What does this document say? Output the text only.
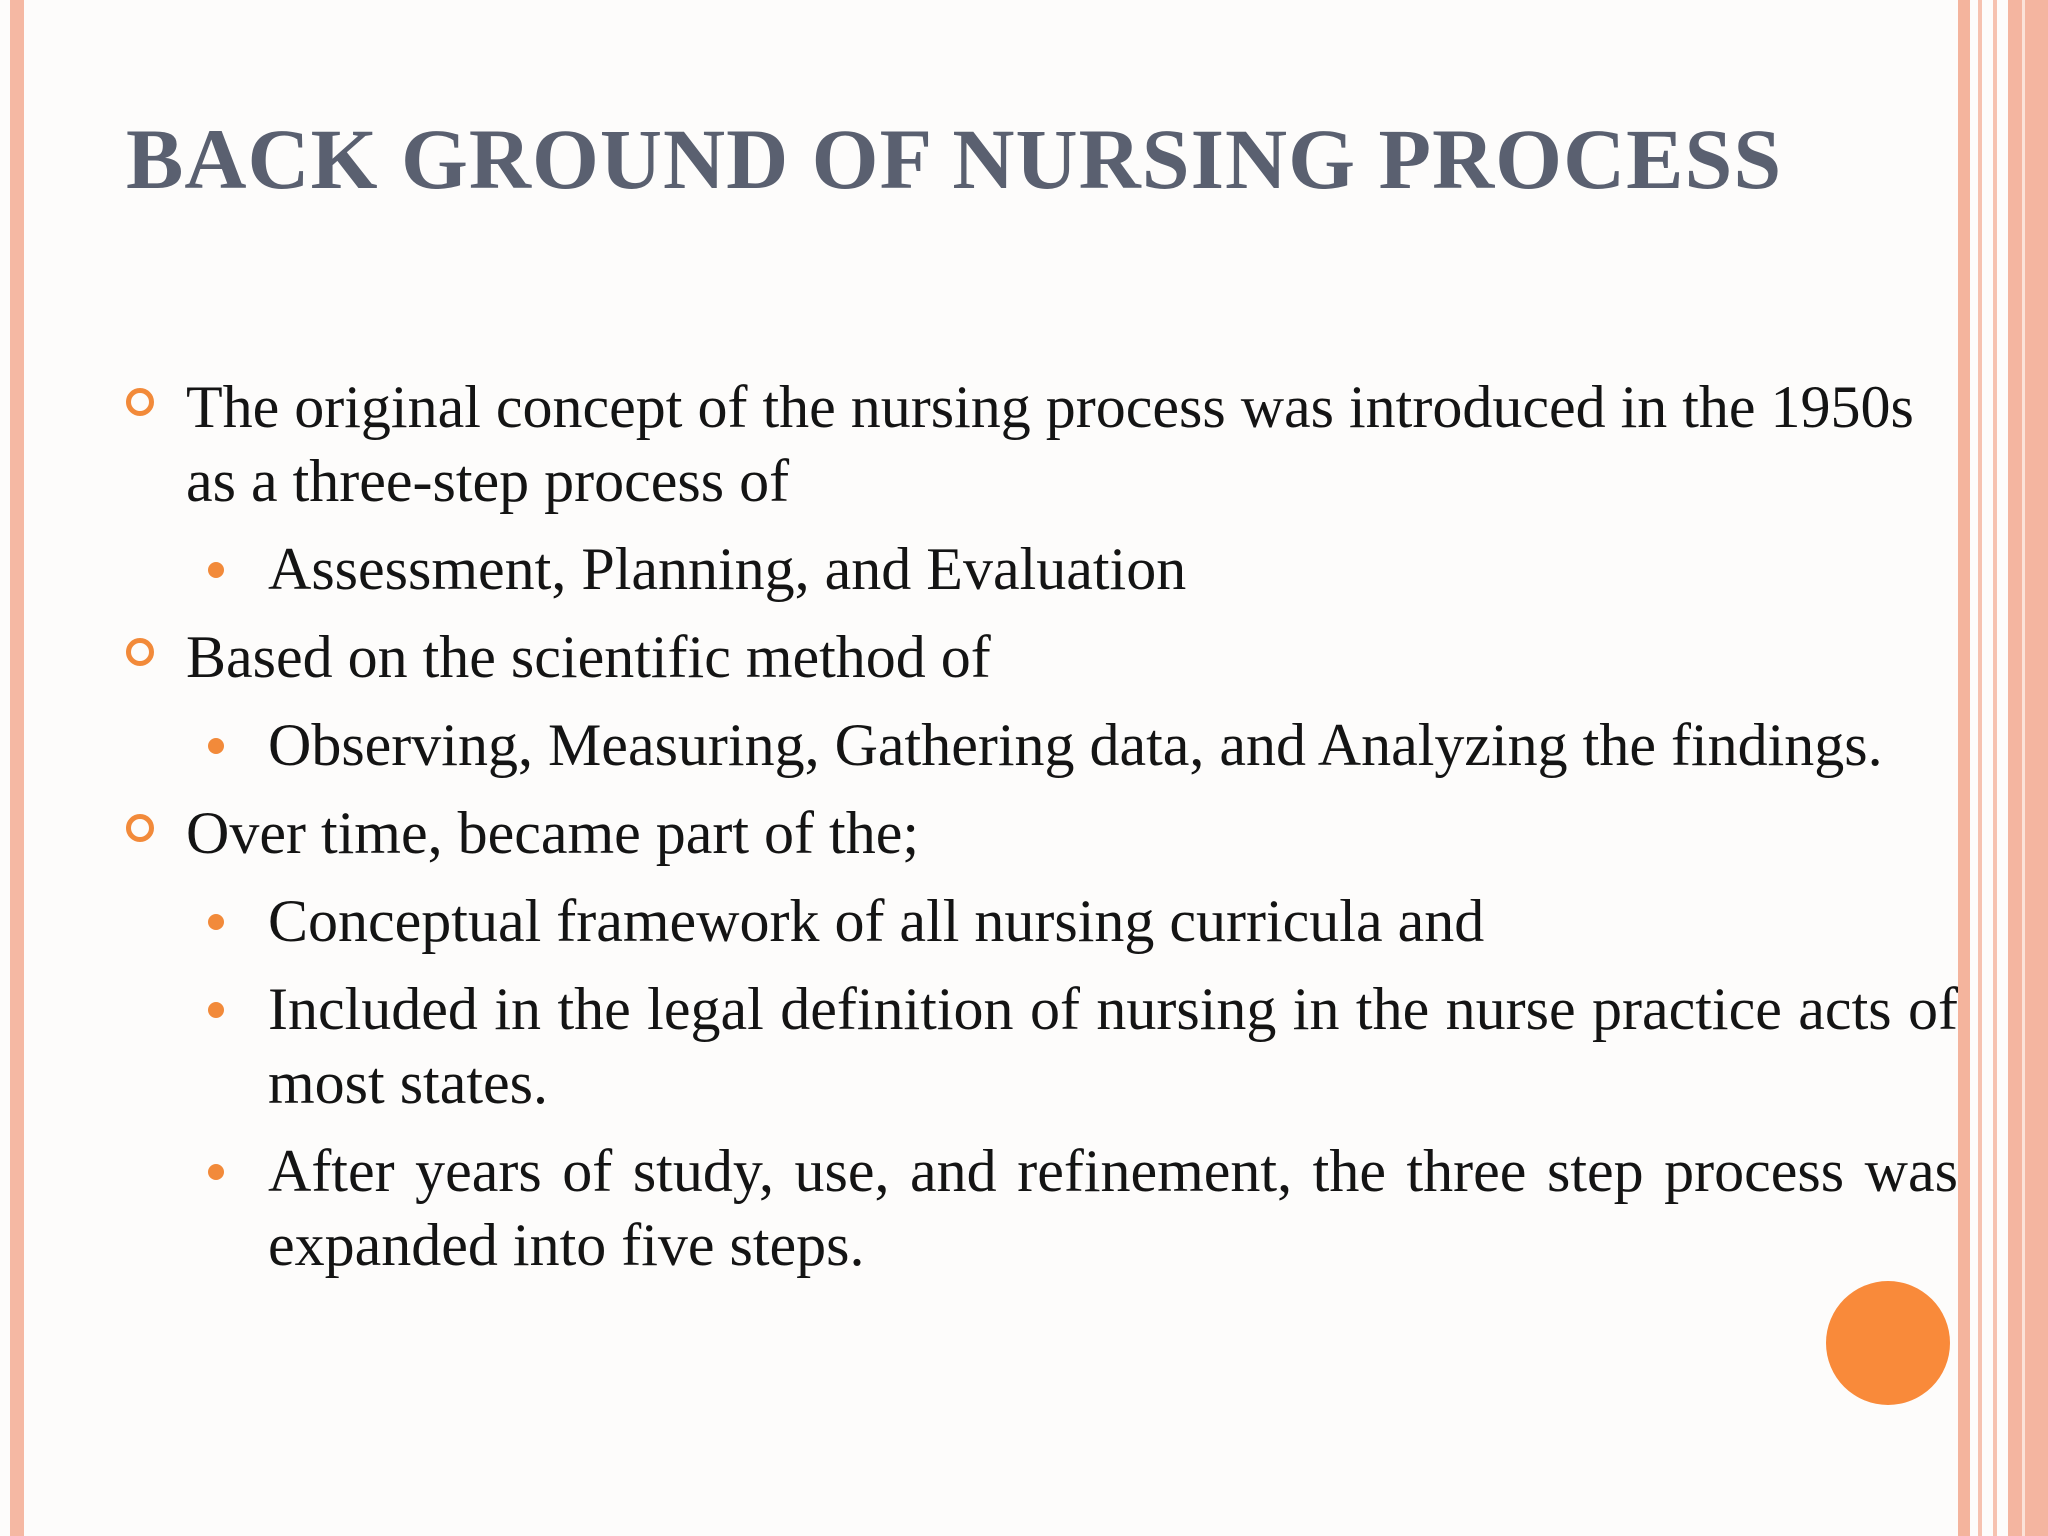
BACK GROUND OF NURSING PROCESS
The original concept of the nursing process was introduced in the 1950s as a three-step process of
Assessment, Planning, and Evaluation
Based on the scientific method of
Observing, Measuring, Gathering data, and Analyzing the findings.
Over time, became part of the;
Conceptual framework of all nursing curricula and
Included in the legal definition of nursing in the nurse practice acts of most states.
After years of study, use, and refinement, the three step process was expanded into five steps.
